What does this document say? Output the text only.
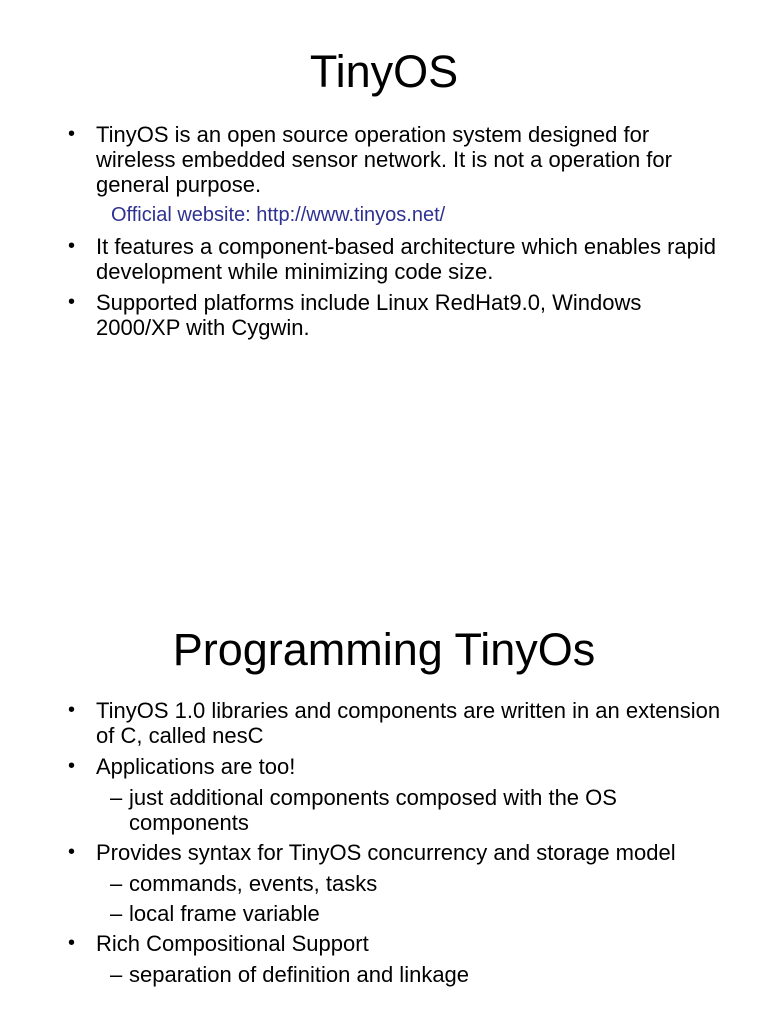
TinyOS
• TinyOS is an open source operation system designed for wireless embedded sensor network. It is not a operation for general purpose.
Official website: http://www.tinyos.net/
• It features a component-based architecture which enables rapid development while minimizing code size.
• Supported platforms include Linux RedHat9.0, Windows 2000/XP with Cygwin.
Programming TinyOs
• TinyOS 1.0 libraries and components are written in an extension of C, called nesC
• Applications are too!
– just additional components composed with the OS components
• Provides syntax for TinyOS concurrency and storage model
– commands, events, tasks
– local frame variable
• Rich Compositional Support
– separation of definition and linkage
